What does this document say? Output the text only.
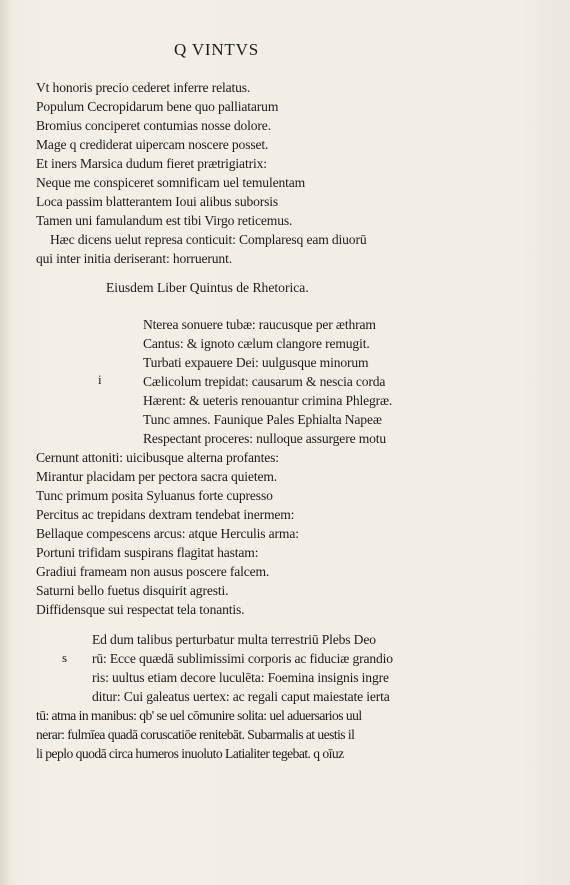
Q VINTVS
Vt honoris precio cederet inferre relatus.
Populum Cecropidarum bene quo palliatarum
Bromius conciperet contumias nosse dolore.
Mage q crediderat uipercam noscere posset.
Et iners Marsica dudum fieret prætrigiatrix:
Neque me conspiceret somnificam uel temulentam
Loca passim blatterantem Ioui alibus suborsis
Tamen uni famulandum est tibi Virgo reticemus.
Hæc dicens uelut represa conticuit: Complaresq eam diuorū
qui inter initia deriserant: horruerunt.
Eiusdem Liber Quintus de Rhetorica.
Nterea sonuere tubæ: raucusque per æthram
Cantus: & ignoto cælum clangore remugit.
Turbati expauere Dei: uulgusque minorum
i	Cælicolum trepidat: causarum & nescia corda
Hærent: & ueteris renouantur crimina Phlegræ.
Tunc amnes. Faunique Pales Ephialta Napeæ
Respectant proceres: nulloque assurgere motu
Cernunt attoniti: uicibusque alterna profantes:
Mirantur placidam per pectora sacra quietem.
Tunc primum posita Syluanus forte cupresso
Percitus ac trepidans dextram tendebat inermem:
Bellaque compescens arcus: atque Herculis arma:
Portuni trifidam suspirans flagitat hastam:
Gradiui frameam non ausus poscere falcem.
Saturni bello fuetus disquirit agresti.
Diffidensque sui respectat tela tonantis.
Ed dum talibus perturbatur multa terrestriū Plebs Deo
s rū: Ecce quædā sublimissimi corporis ac fiduciæ grandio
ris: uultus etiam decore luculēta: Foemina insignis ingre
ditur: Cui galeatus uertex: ac regali caput maiestate ierta
tū: atma in manibus: qb' se uel cōmunire solita: uel aduersarios uul
nerar: fulmīea quadā coruscatiōe renitebāt. Subarmalis at uestis il
li peplo quodā circa humeros inuoluto Latialiter tegebat. q oīuz
